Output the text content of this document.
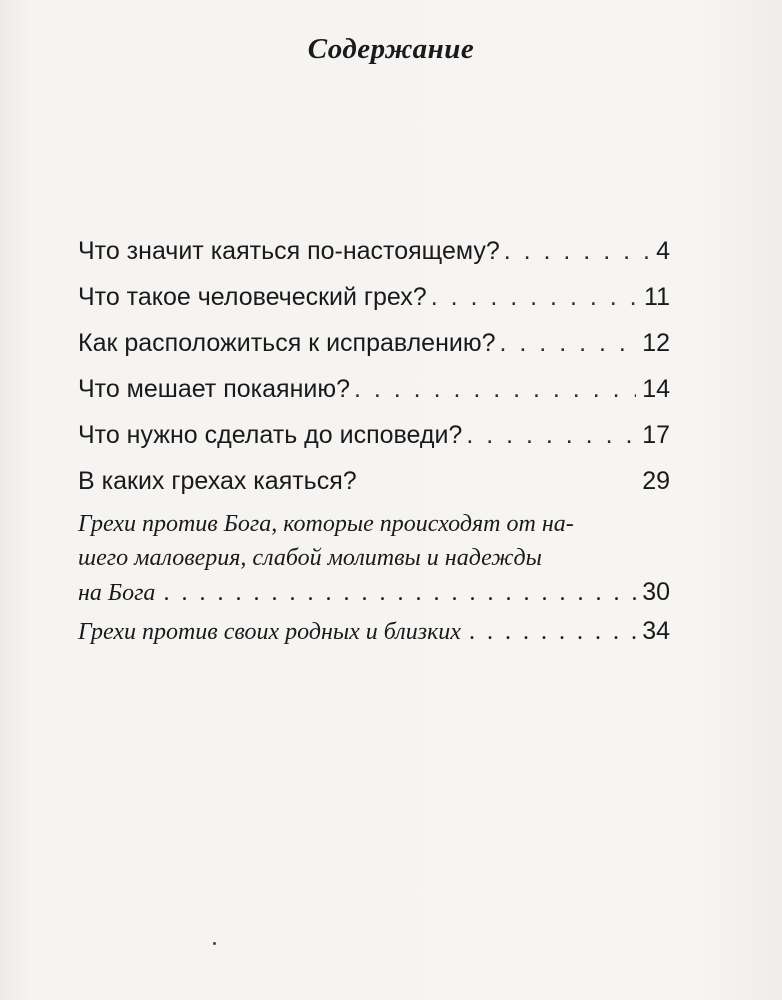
Содержание
Что значит каяться по-настоящему? . . .	4
Что такое человеческий грех? . . .	11
Как расположиться к исправлению? . . .	12
Что мешает покаянию? . . .	14
Что нужно сделать до исповеди? . . .	17
В каких грехах каяться?	29
Грехи против Бога, которые происходят от на-
шего маловерия, слабой молитвы и надежды
на Бога . . .	30
Грехи против своих родных и близких . . .	34
